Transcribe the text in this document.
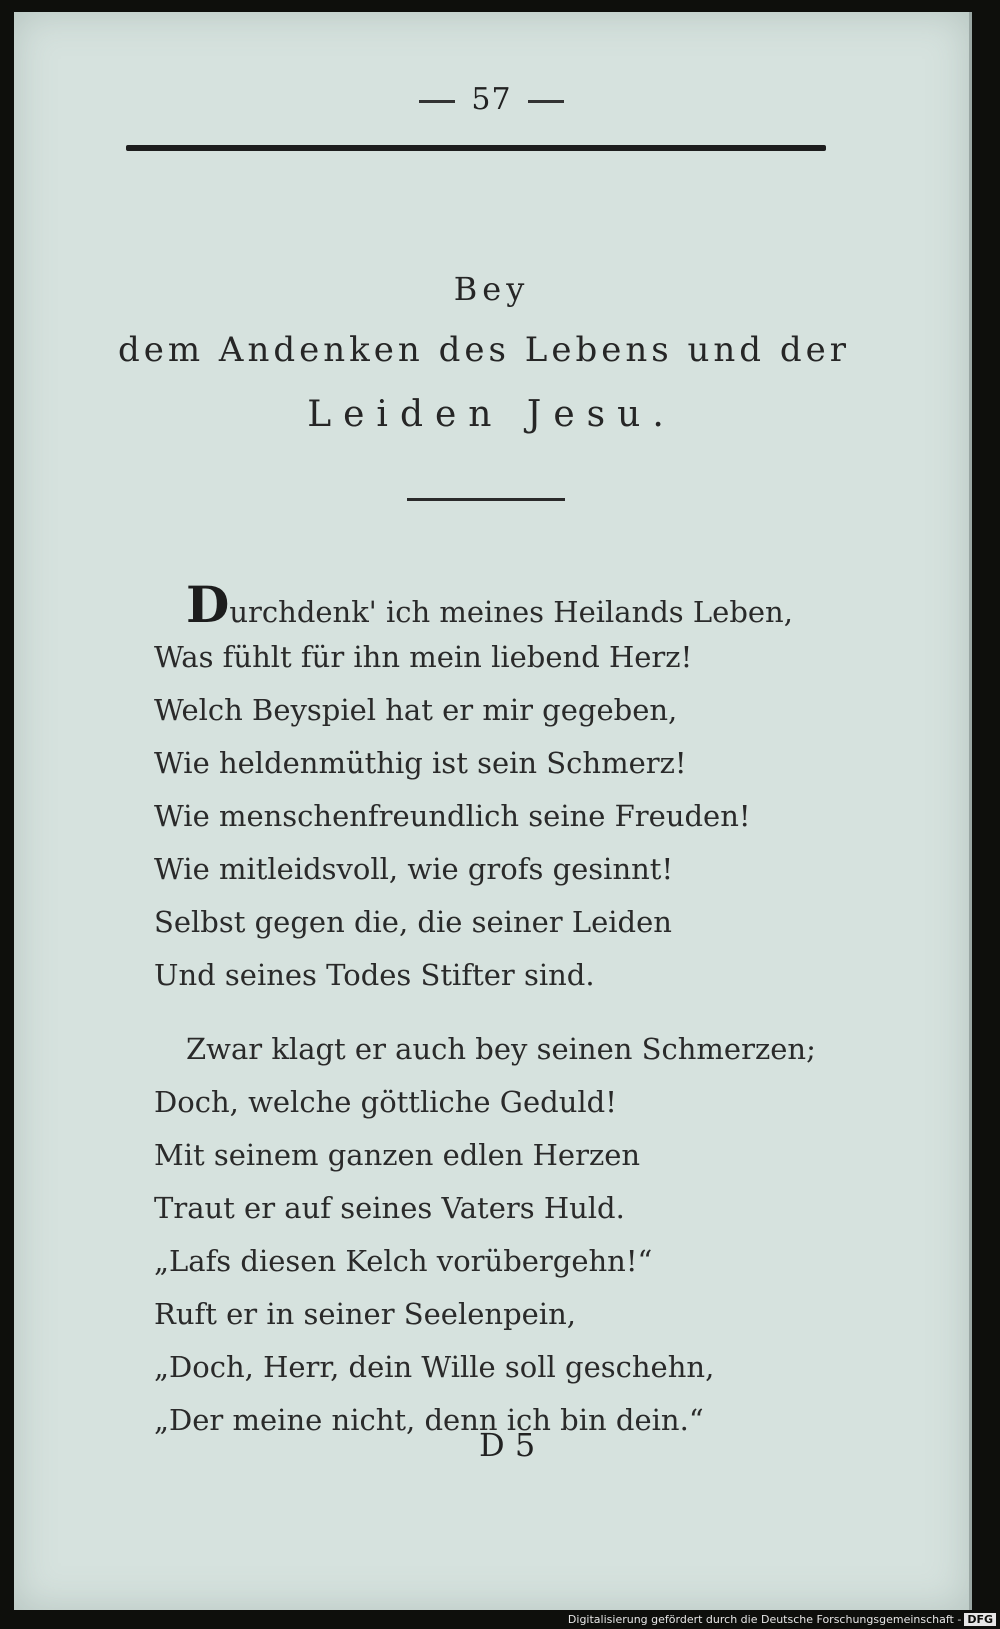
57
Bey
dem Andenken des Lebens und der
Leiden Jesu.
Durchdenk' ich meines Heilands Leben,
Was fühlt für ihn mein liebend Herz!
Welch Beyspiel hat er mir gegeben,
Wie heldenmüthig ist sein Schmerz!
Wie menschenfreundlich seine Freuden!
Wie mitleidsvoll, wie grofs gesinnt!
Selbst gegen die, die seiner Leiden
Und seines Todes Stifter sind.
Zwar klagt er auch bey seinen Schmerzen;
Doch, welche göttliche Geduld!
Mit seinem ganzen edlen Herzen
Traut er auf seines Vaters Huld.
„Lafs diesen Kelch vorübergehn!“
Ruft er in seiner Seelenpein,
„Doch, Herr, dein Wille soll geschehn,
„Der meine nicht, denn ich bin dein.“
D 5
Digitalisierung gefördert durch die Deutsche Forschungsgemeinschaft - DFG
